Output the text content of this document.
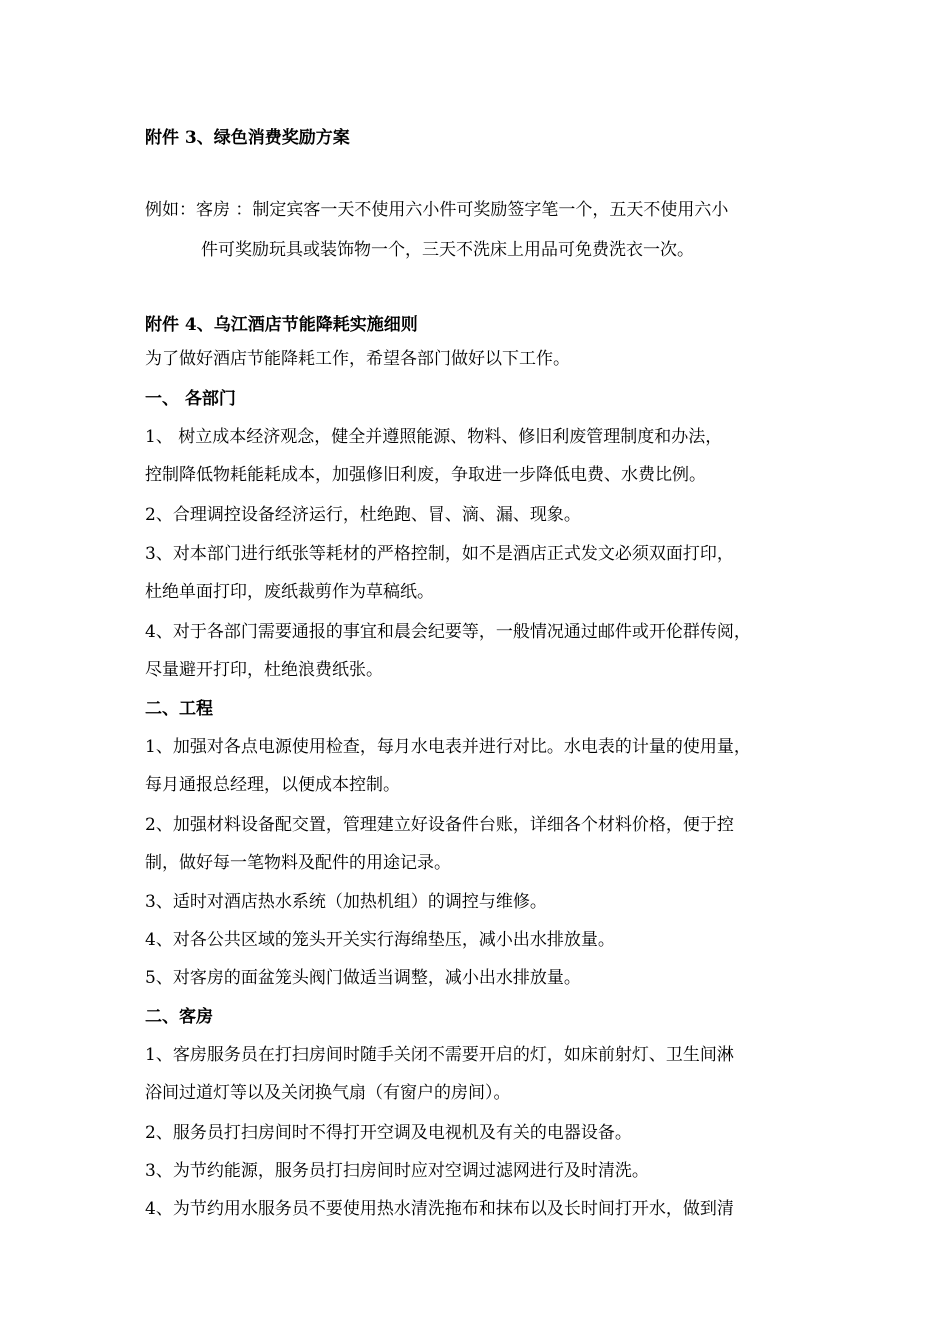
附件 3、绿色消费奖励方案
例如：客房 ：制定宾客一天不使用六小件可奖励签字笔一个，五天不使用六小
件可奖励玩具或装饰物一个，三天不洗床上用品可免费洗衣一次。
附件 4、乌江酒店节能降耗实施细则
为了做好酒店节能降耗工作，希望各部门做好以下工作。
一、 各部门
1、 树立成本经济观念，健全并遵照能源、物料、修旧利废管理制度和办法，
控制降低物耗能耗成本，加强修旧利废，争取进一步降低电费、水费比例。
2、合理调控设备经济运行，杜绝跑、冒、滴、漏、现象。
3、对本部门进行纸张等耗材的严格控制，如不是酒店正式发文必须双面打印，
杜绝单面打印，废纸裁剪作为草稿纸。
4、对于各部门需要通报的事宜和晨会纪要等，一般情况通过邮件或开伦群传阅，
尽量避开打印，杜绝浪费纸张。
二、工程
1、加强对各点电源使用检查，每月水电表并进行对比。水电表的计量的使用量，
每月通报总经理，以便成本控制。
2、加强材料设备配交置，管理建立好设备件台账，详细各个材料价格，便于控
制，做好每一笔物料及配件的用途记录。
3、适时对酒店热水系统（加热机组）的调控与维修。
4、对各公共区域的笼头开关实行海绵垫压，减小出水排放量。
5、对客房的面盆笼头阀门做适当调整，减小出水排放量。
二、客房
1、客房服务员在打扫房间时随手关闭不需要开启的灯，如床前射灯、卫生间淋
浴间过道灯等以及关闭换气扇（有窗户的房间）。
2、服务员打扫房间时不得打开空调及电视机及有关的电器设备。
3、为节约能源，服务员打扫房间时应对空调过滤网进行及时清洗。
4、为节约用水服务员不要使用热水清洗拖布和抹布以及长时间打开水，做到清
